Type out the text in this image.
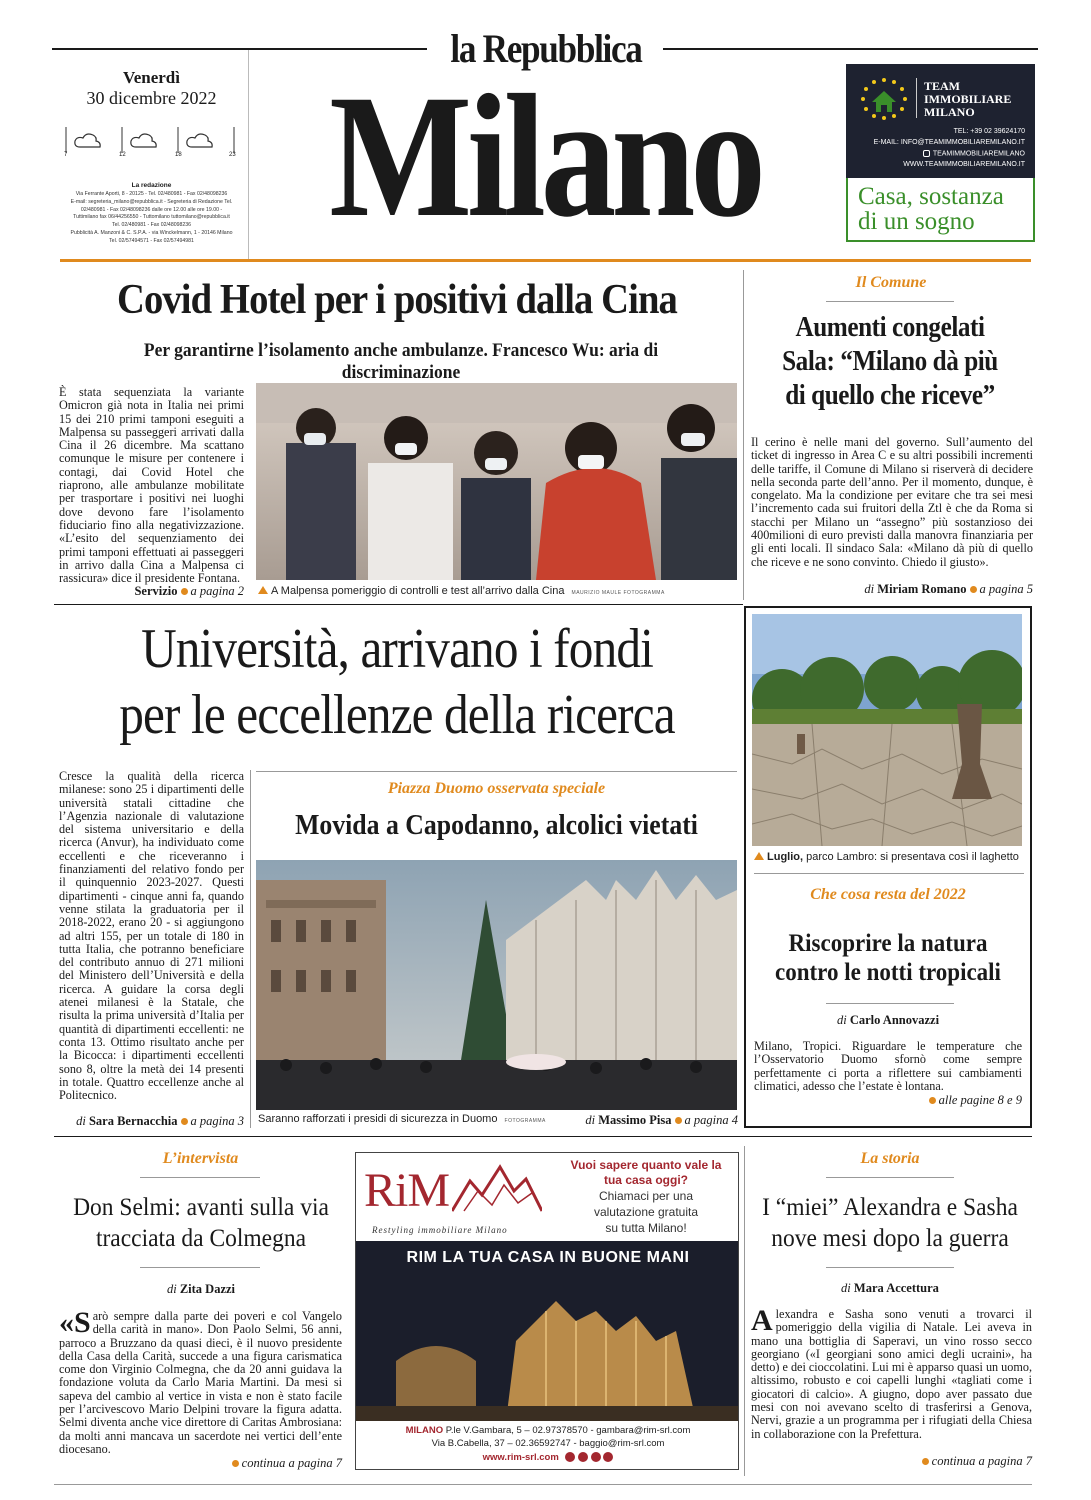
la Repubblica
Venerdì
30 dicembre 2022
7	12	18	23
La redazione
Via Ferrante Aporti, 8 - 20125 - Tel. 02/480981 - Fax 02/48098236
E-mail: segreteria_milano@repubblica.it - Segreteria di Redazione Tel.
02/480981 - Fax 02/48098236 dalle ore 12.00 alle ore 19.00 -
Tuttimilano fax 06/44256550 - Tuttomilano tuttomilano@repubblica.it
Tel. 02/480981 - Fax 02/48098236
Pubblicità A. Manzoni & C. S.P.A. - via Winckelmann, 1 - 20146 Milano
Tel. 02/57494571 - Fax 02/57494981 Milano	TEAM
IMMOBILIARE
MILANO
TEL: +39 02 39624170
E-MAIL: INFO@TEAMIMMOBILIAREMILANO.IT
TEAMIMMOBILIAREMILANO
WWW.TEAMIMMOBILIAREMILANO.IT
Casa, sostanza
di un sogno
Covid Hotel per i positivi dalla Cina
Per garantirne l’isolamento anche ambulanze. Francesco Wu: aria di discriminazione
È stata sequenziata la variante Omicron già nota in Italia nei primi 15 dei 210 primi tamponi eseguiti a Malpensa su passeggeri arrivati dalla Cina il 26 dicembre. Ma scattano comunque le misure per contenere i contagi, dai Covid Hotel che riaprono, alle ambulanze mobilitate per trasportare i positivi nei luoghi dove devono fare l’isolamento fiduciario fino alla negativizzazione. «L’esito del sequenziamento dei primi tamponi effettuati ai passeggeri in arrivo dalla Cina a Malpensa ci rassicura» dice il presidente Fontana.
Servizio a pagina 2	A Malpensa pomeriggio di controlli e test all’arrivo dalla Cina MAURIZIO MAULE FOTOGRAMMA
Il Comune
Aumenti congelati
Sala: “Milano dà più
di quello che riceve”
Il cerino è nelle mani del governo. Sull’aumento del ticket di ingresso in Area C e su altri possibili incrementi delle tariffe, il Comune di Milano si riserverà di decidere nella seconda parte dell’anno. Per il momento, dunque, è congelato. Ma la condizione per evitare che tra sei mesi l’incremento cada sui fruitori della Ztl è che da Roma si stacchi per Milano un “assegno” più sostanzioso dei 400milioni di euro previsti dalla manovra finanziaria per gli enti locali. Il sindaco Sala: «Milano dà più di quello che riceve e ne sono convinto. Chiedo il giusto».
di Miriam Romano a pagina 5
Università, arrivano i fondi
per le eccellenze della ricerca
Cresce la qualità della ricerca milanese: sono 25 i dipartimenti delle università statali cittadine che l’Agenzia nazionale di valutazione del sistema universitario e della ricerca (Anvur), ha individuato come eccellenti e che riceveranno i finanziamenti del relativo fondo per il quinquennio 2023-2027. Questi dipartimenti - cinque anni fa, quando venne stilata la graduatoria per il 2018-2022, erano 20 - si aggiungono ad altri 155, per un totale di 180 in tutta Italia, che potranno beneficiare del contributo annuo di 271 milioni del Ministero dell’Università e della ricerca. A guidare la corsa degli atenei milanesi è la Statale, che risulta la prima università d’Italia per quantità di dipartimenti eccellenti: ne conta 13. Ottimo risultato anche per la Bicocca: i dipartimenti eccellenti sono 8, oltre la metà dei 14 presenti in totale. Quattro eccellenze anche al Politecnico.
di Sara Bernacchia a pagina 3
Piazza Duomo osservata speciale
Movida a Capodanno, alcolici vietati
Saranno rafforzati i presidi di sicurezza in Duomo FOTOGRAMMA	di Massimo Pisa a pagina 4
Luglio, parco Lambro: si presentava così il laghetto
Che cosa resta del 2022
Riscoprire la natura
contro le notti tropicali
di Carlo Annovazzi
Milano, Tropici. Riguardare le temperature che l’Osservatorio Duomo sfornò come sempre perfettamente ci porta a riflettere sui cambiamenti climatici, adesso che l’estate è lontana.
alle pagine 8 e 9
L’intervista
Don Selmi: avanti sulla via
tracciata da Colmegna
di Zita Dazzi
«Sarò sempre dalla parte dei poveri e col Vangelo della carità in mano». Don Paolo Selmi, 56 anni, parroco a Bruzzano da quasi dieci, è il nuovo presidente della Casa della Carità, succede a una figura carismatica come don Virginio Colmegna, che da 20 anni guidava la fondazione voluta da Carlo Maria Martini. Da mesi si sapeva del cambio al vertice in vista e non è stato facile per l’arcivescovo Mario Delpini trovare la figura adatta. Selmi diventa anche vice direttore di Caritas Ambrosiana: da molti anni mancava un sacerdote nei vertici dell’ente diocesano.
continua a pagina 7
RiM
Restyling immobiliare Milano
Vuoi sapere quanto vale la
tua casa oggi?
Chiamaci per una
valutazione gratuita
su tutta Milano!
RIM LA TUA CASA IN BUONE MANI
MILANO P.le V.Gambara, 5 – 02.97378570 - gambara@rim-srl.com
Via B.Cabella, 37 – 02.36592747 - baggio@rim-srl.com
www.rim-srl.com
La storia
I “miei” Alexandra e Sasha
nove mesi dopo la guerra
di Mara Accettura
Alexandra e Sasha sono venuti a trovarci il pomeriggio della vigilia di Natale. Lei aveva in mano una bottiglia di Saperavi, un vino rosso secco georgiano («I georgiani sono amici degli ucraini», ha detto) e dei cioccolatini. Lui mi è apparso quasi un uomo, altissimo, robusto e coi capelli lunghi «tagliati come i giocatori di calcio». A giugno, dopo aver passato due mesi con noi avevano scelto di trasferirsi a Genova, Nervi, grazie a un programma per i rifugiati della Chiesa in collaborazione con la Prefettura.
continua a pagina 7
